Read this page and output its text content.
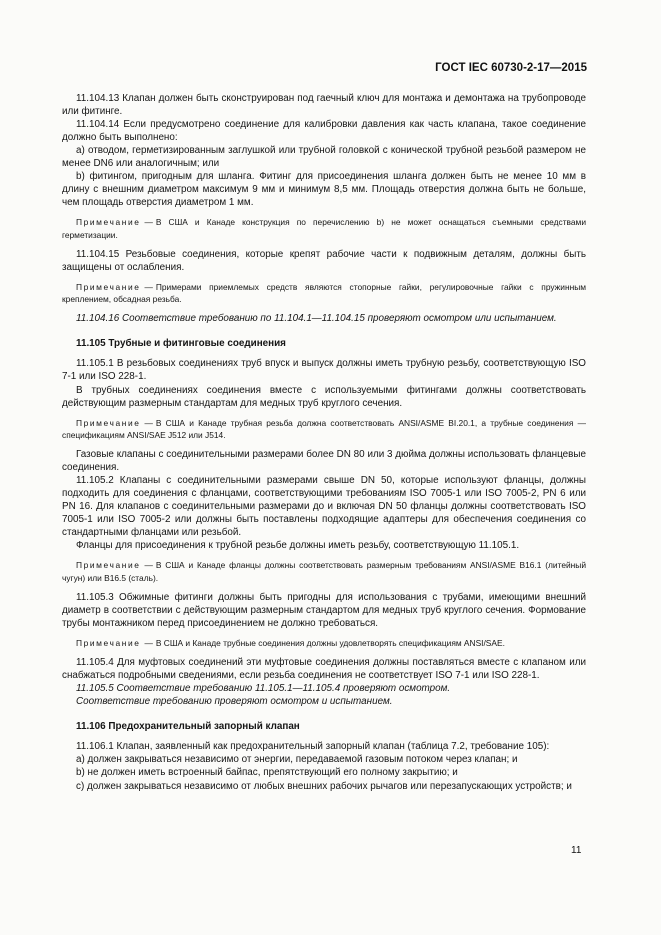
ГОСТ IEC 60730-2-17—2015

11.104.13 Клапан должен быть сконструирован под гаечный ключ для монтажа и демонтажа на трубопроводе или фитинге.

11.104.14 Если предусмотрено соединение для калибровки давления как часть клапана, такое соединение должно быть выполнено:

a) отводом, герметизированным заглушкой или трубной головкой с конической трубной резьбой размером не менее DN6 или аналогичным; или

b) фитингом, пригодным для шланга. Фитинг для присоединения шланга должен быть не менее 10 мм в длину с внешним диаметром максимум 9 мм и минимум 8,5 мм. Площадь отверстия должна быть не больше, чем площадь отверстия диаметром 1 мм.

Примечание — В США и Канаде конструкция по перечислению b) не может оснащаться съемными средствами герметизации.

11.104.15 Резьбовые соединения, которые крепят рабочие части к подвижным деталям, должны быть защищены от ослабления.

Примечание — Примерами приемлемых средств являются стопорные гайки, регулировочные гайки с пружинным креплением, обсадная резьба.

11.104.16 Соответствие требованию по 11.104.1—11.104.15 проверяют осмотром или испытанием.

11.105 Трубные и фитинговые соединения

11.105.1 В резьбовых соединениях труб впуск и выпуск должны иметь трубную резьбу, соответствующую ISO 7-1 или ISO 228-1.

В трубных соединениях соединения вместе с используемыми фитингами должны соответствовать действующим размерным стандартам для медных труб круглого сечения.

Примечание — В США и Канаде трубная резьба должна соответствовать ANSI/ASME BI.20.1, а трубные соединения — спецификациям ANSI/SAE J512 или J514.

Газовые клапаны с соединительными размерами более DN 80 или 3 дюйма должны использовать фланцевые соединения.

11.105.2 Клапаны с соединительными размерами свыше DN 50, которые используют фланцы, должны подходить для соединения с фланцами, соответствующими требованиям ISO 7005-1 или ISO 7005-2, PN 6 или PN 16. Для клапанов с соединительными размерами до и включая DN 50 фланцы должны соответствовать ISO 7005-1 или ISO 7005-2 или должны быть поставлены подходящие адаптеры для обеспечения соединения со стандартными фланцами или резьбой.

Фланцы для присоединения к трубной резьбе должны иметь резьбу, соответствующую 11.105.1.

Примечание — В США и Канаде фланцы должны соответствовать размерным требованиям ANSI/ASME B16.1 (литейный чугун) или B16.5 (сталь).

11.105.3 Обжимные фитинги должны быть пригодны для использования с трубами, имеющими внешний диаметр в соответствии с действующим размерным стандартом для медных труб круглого сечения. Формование трубы монтажником перед присоединением не должно требоваться.

Примечание — В США и Канаде трубные соединения должны удовлетворять спецификациям ANSI/SAE.

11.105.4 Для муфтовых соединений эти муфтовые соединения должны поставляться вместе с клапаном или снабжаться подробными сведениями, если резьба соединения не соответствует ISO 7-1 или ISO 228-1.

11.105.5 Соответствие требованию 11.105.1—11.105.4 проверяют осмотром.

Соответствие требованию проверяют осмотром и испытанием.

11.106 Предохранительный запорный клапан

11.106.1 Клапан, заявленный как предохранительный запорный клапан (таблица 7.2, требование 105):

a) должен закрываться независимо от энергии, передаваемой газовым потоком через клапан; и

b) не должен иметь встроенный байпас, препятствующий его полному закрытию; и

c) должен закрываться независимо от любых внешних рабочих рычагов или перезапускающих устройств; и

11
